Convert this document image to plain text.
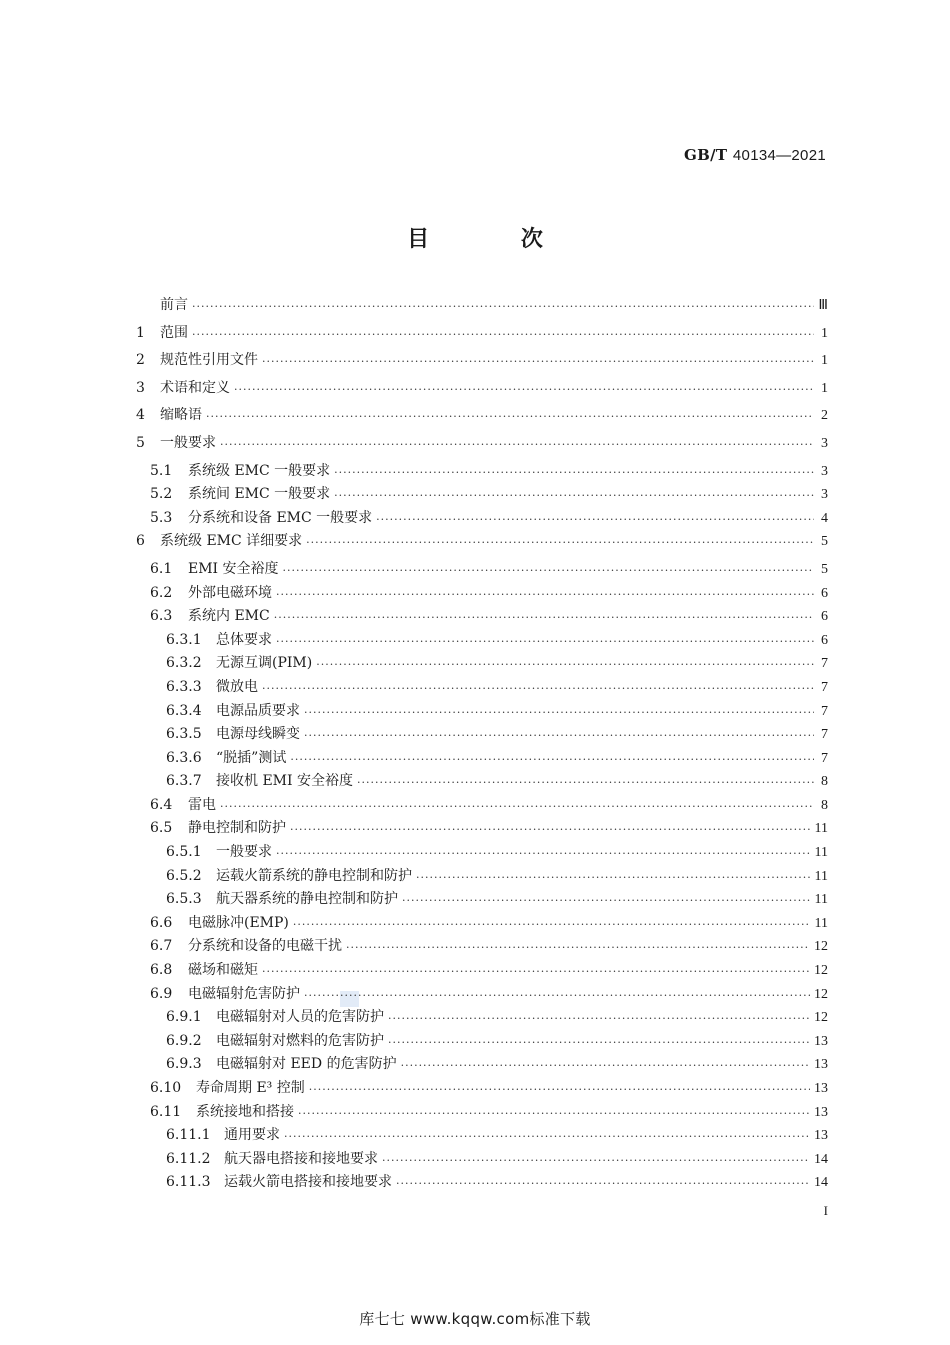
GB/T 40134—2021
目 次
前言 ·····	Ⅲ
1	范围 ·····	1
2	规范性引用文件 ·····	1
3	术语和定义 ·····	1
4	缩略语 ·····	2
5	一般要求 ·····	3
5.1	系统级 EMC 一般要求 ·····	3
5.2	系统间 EMC 一般要求 ·····	3
5.3	分系统和设备 EMC 一般要求 ·····	4
6	系统级 EMC 详细要求 ·····	5
6.1	EMI 安全裕度 ·····	5
6.2	外部电磁环境 ·····	6
6.3	系统内 EMC ·····	6
6.3.1	总体要求 ·····	6
6.3.2	无源互调(PIM) ·····	7
6.3.3	微放电 ·····	7
6.3.4	电源品质要求 ·····	7
6.3.5	电源母线瞬变 ·····	7
6.3.6	“脱插”测试 ·····	7
6.3.7	接收机 EMI 安全裕度 ·····	8
6.4	雷电 ·····	8
6.5	静电控制和防护 ·····	11
6.5.1	一般要求 ·····	11
6.5.2	运载火箭系统的静电控制和防护 ·····	11
6.5.3	航天器系统的静电控制和防护 ·····	11
6.6	电磁脉冲(EMP) ·····	11
6.7	分系统和设备的电磁干扰 ·····	12
6.8	磁场和磁矩 ·····	12
6.9	电磁辐射危害防护 ·····	12
6.9.1	电磁辐射对人员的危害防护 ·····	12
6.9.2	电磁辐射对燃料的危害防护 ·····	13
6.9.3	电磁辐射对 EED 的危害防护 ·····	13
6.10	寿命周期 E³ 控制 ·····	13
6.11	系统接地和搭接 ·····	13
6.11.1 通用要求 ·····	13
6.11.2 航天器电搭接和接地要求 ·····	14
6.11.3 运载火箭电搭接和接地要求 ·····	14
I
库七七 www.kqqw.com标准下载
